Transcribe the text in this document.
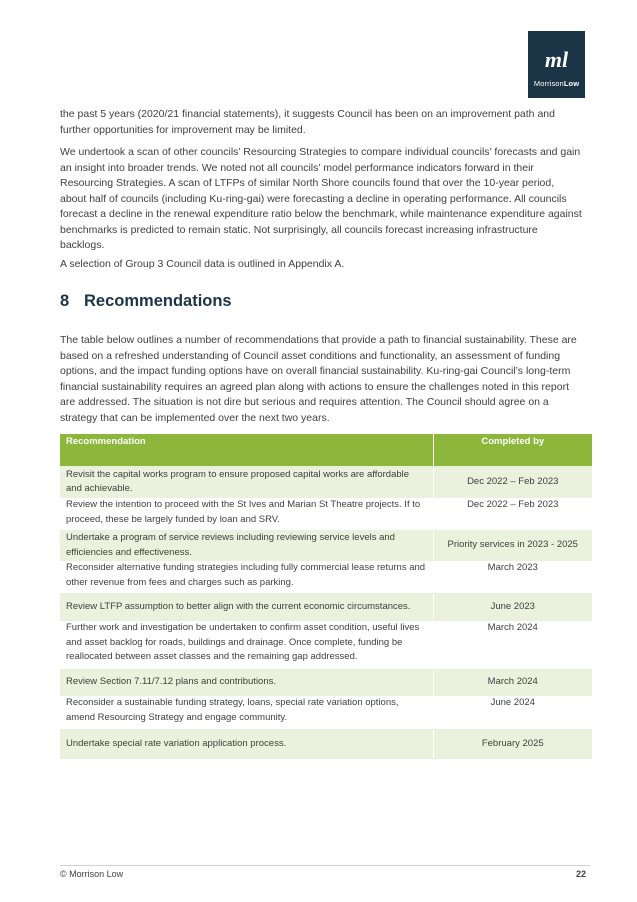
ml
MorrisonLow

the past 5 years (2020/21 financial statements), it suggests Council has been on an improvement path and further opportunities for improvement may be limited.

We undertook a scan of other councils’ Resourcing Strategies to compare individual councils’ forecasts and gain an insight into broader trends. We noted not all councils’ model performance indicators forward in their Resourcing Strategies. A scan of LTFPs of similar North Shore councils found that over the 10-year period, about half of councils (including Ku-ring-gai) were forecasting a decline in operating performance. All councils forecast a decline in the renewal expenditure ratio below the benchmark, while maintenance expenditure against benchmarks is predicted to remain static. Not surprisingly, all councils forecast increasing infrastructure backlogs.

A selection of Group 3 Council data is outlined in Appendix A.

8 Recommendations

The table below outlines a number of recommendations that provide a path to financial sustainability. These are based on a refreshed understanding of Council asset conditions and functionality, an assessment of funding options, and the impact funding options have on overall financial sustainability. Ku-ring-gai Council’s long-term financial sustainability requires an agreed plan along with actions to ensure the challenges noted in this report are addressed. The situation is not dire but serious and requires attention. The Council should agree on a strategy that can be implemented over the next two years.

Recommendation	Completed by
Revisit the capital works program to ensure proposed capital works are affordable and achievable.	Dec 2022 – Feb 2023
Review the intention to proceed with the St Ives and Marian St Theatre projects. If to proceed, these be largely funded by loan and SRV.	Dec 2022 – Feb 2023
Undertake a program of service reviews including reviewing service levels and efficiencies and effectiveness.	Priority services in 2023 - 2025
Reconsider alternative funding strategies including fully commercial lease returns and other revenue from fees and charges such as parking.	March 2023
Review LTFP assumption to better align with the current economic circumstances.	June 2023
Further work and investigation be undertaken to confirm asset condition, useful lives and asset backlog for roads, buildings and drainage. Once complete, funding be reallocated between asset classes and the remaining gap addressed.	March 2024
Review Section 7.11/7.12 plans and contributions.	March 2024
Reconsider a sustainable funding strategy, loans, special rate variation options, amend Resourcing Strategy and engage community.	June 2024
Undertake special rate variation application process.	February 2025
© Morrison Low	22
